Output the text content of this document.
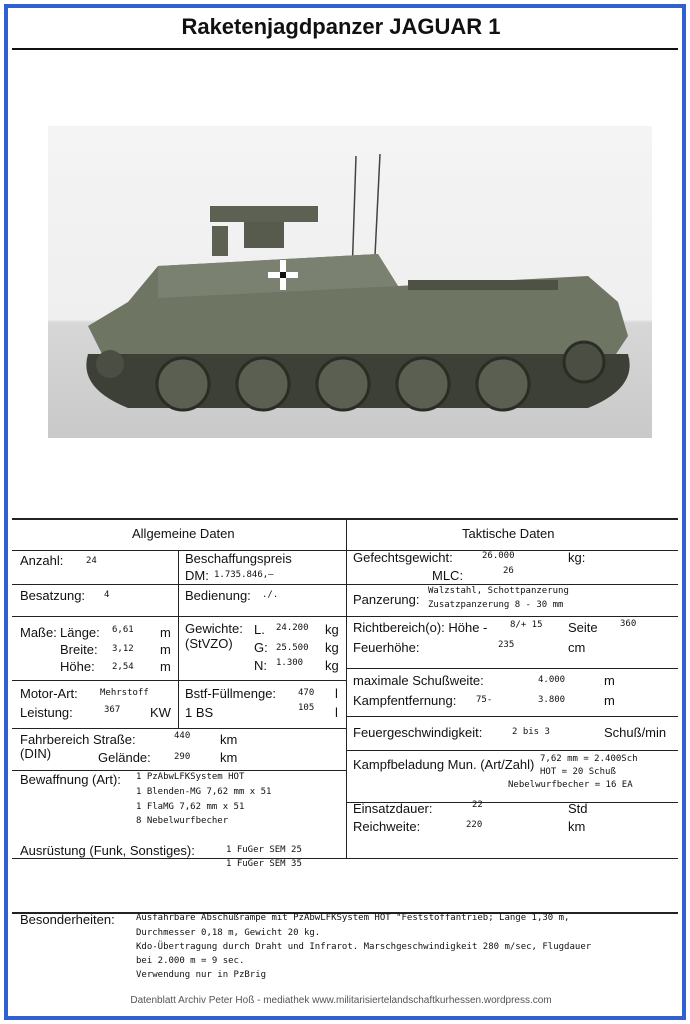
Raketenjagdpanzer JAGUAR 1
Allgemeine Daten
Anzahl:	24	Beschaffungspreis
DM: 1.735.846,—
Besatzung: 4	Bedienung: ./.
Maße: Länge: 6,61 m
Breite: 3,12 m
Höhe: 2,54 m
Gewichte:
(StVZO)
L. 24.200 kg
G: 25.500 kg
N: 1.300 kg
Motor-Art: Mehrstoff
Leistung:	367 KW
Bstf-Füllmenge: 470 l
1 BS	105 l
Fahrbereich Straße:
(DIN)
440 km
Gelände:	290 km
Bewaffnung (Art): 1 PzAbwLFKSystem HOT
1 Blenden-MG 7,62 mm x 51
1 FlaMG 7,62 mm x 51
8 Nebelwurfbecher
Taktische Daten
Gefechtsgewicht:	26.000	kg:
MLC:	26
Panzerung:
Walzstahl, Schottpanzerung
Zusatzpanzerung 8 - 30 mm
Richtbereich(o): Höhe -	8/+ 15 Seite 360
Feuerhöhe:	235	cm
maximale Schußweite:	4.000	m
Kampfentfernung: 75-	3.800	m
Feuergeschwindigkeit:	2 bis 3	Schuß/min
Kampfbeladung Mun. (Art/Zahl) 7,62 mm = 2.400Sch
HOT = 20 Schuß
Nebelwurfbecher = 16 EA
Einsatzdauer:	22	Std
Reichweite:	220	km
Ausrüstung (Funk, Sonstiges):	1 FuGer SEM 25
1 FuGer SEM 35
Besonderheiten: Ausfahrbare Abschußrampe mit PzAbwLFKSystem HOT "Feststoffantrieb; Länge 1,30 m,
Durchmesser 0,18 m, Gewicht 20 kg.
Kdo-Übertragung durch Draht und Infrarot. Marschgeschwindigkeit 280 m/sec, Flugdauer
bei 2.000 m = 9 sec.
Verwendung nur in PzBrig
Datenblatt Archiv Peter Hoß - mediathek www.militarisiertelandschaftkurhessen.wordpress.com
